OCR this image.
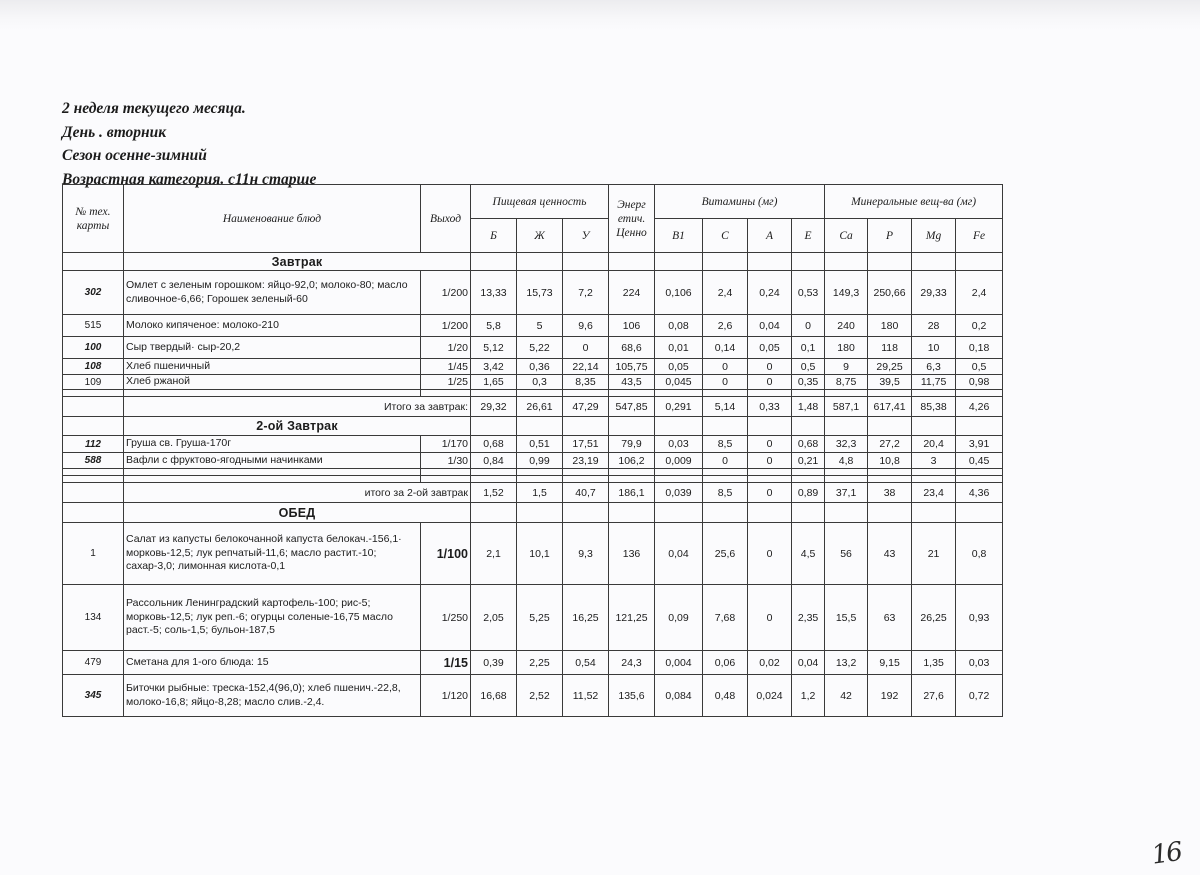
2 неделя текущего месяца.
День . вторник
Сезон осенне-зимний
Возрастная категория. с11н старше
№ тех. карты	Наименование блюд	Выход	Пищевая ценность			Энерг етич. Ценно	Витамины (мг)				Минеральные вещ-ва (мг)			
			Б	Ж	У		B1	C	A	E	Ca	P	Mg	Fe
	Завтрак													
302	Омлет с зеленым горошком: яйцо-92,0; молоко-80; масло сливочное-6,66; Горошек зеленый-60	1/200	13,33	15,73	7,2	224	0,106	2,4	0,24	0,53	149,3	250,66	29,33	2,4
515	Молоко кипяченое: молоко-210	1/200	5,8	5	9,6	106	0,08	2,6	0,04	0	240	180	28	0,2
100	Сыр твердый· сыр-20,2	1/20	5,12	5,22	0	68,6	0,01	0,14	0,05	0,1	180	118	10	0,18
108	Хлеб пшеничный	1/45	3,42	0,36	22,14	105,75	0,05	0	0	0,5	9	29,25	6,3	0,5
109	Хлеб ржаной	1/25	1,65	0,3	8,35	43,5	0,045	0	0	0,35	8,75	39,5	11,75	0,98

	Итого за завтрак:		29,32	26,61	47,29	547,85	0,291	5,14	0,33	1,48	587,1	617,41	85,38	4,26
	2-ой Завтрак													
112	Груша св. Груша-170г	1/170	0,68	0,51	17,51	79,9	0,03	8,5	0	0,68	32,3	27,2	20,4	3,91
588	Вафли с фруктово-ягодными начинками	1/30	0,84	0,99	23,19	106,2	0,009	0	0	0,21	4,8	10,8	3	0,45

	итого за 2-ой завтрак		1,52	1,5	40,7	186,1	0,039	8,5	0	0,89	37,1	38	23,4	4,36
	ОБЕД													
1	Салат из капусты белокочанной капуста белокач.-156,1· морковь-12,5; лук репчатый-11,6; масло растит.-10; сахар-3,0; лимонная кислота-0,1	1/100	2,1	10,1	9,3	136	0,04	25,6	0	4,5	56	43	21	0,8
134	Рассольник Ленинградский картофель-100; рис-5; морковь-12,5; лук реп.-6; огурцы соленые-16,75 масло раст.-5; соль-1,5; бульон-187,5	1/250	2,05	5,25	16,25	121,25	0,09	7,68	0	2,35	15,5	63	26,25	0,93
479	Сметана для 1-ого блюда: 15	1/15	0,39	2,25	0,54	24,3	0,004	0,06	0,02	0,04	13,2	9,15	1,35	0,03
345	Биточки рыбные: треска-152,4(96,0); хлеб пшенич.-22,8, молоко-16,8; яйцо-8,28; масло слив.-2,4.	1/120	16,68	2,52	11,52	135,6	0,084	0,48	0,024	1,2	42	192	27,6	0,72
16
